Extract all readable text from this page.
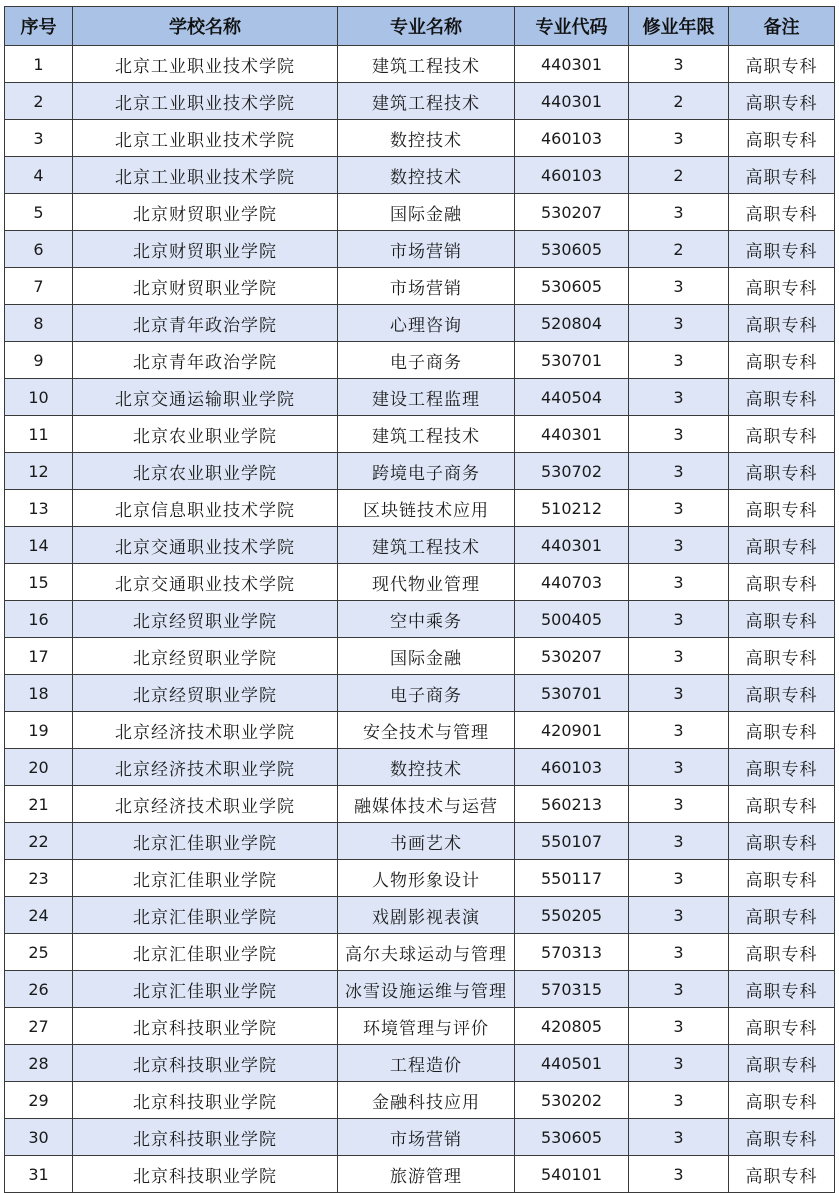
序号	学校名称	专业名称	专业代码	修业年限	备注
1	北京工业职业技术学院	建筑工程技术	440301	3	高职专科
2	北京工业职业技术学院	建筑工程技术	440301	2	高职专科
3	北京工业职业技术学院	数控技术	460103	3	高职专科
4	北京工业职业技术学院	数控技术	460103	2	高职专科
5	北京财贸职业学院	国际金融	530207	3	高职专科
6	北京财贸职业学院	市场营销	530605	2	高职专科
7	北京财贸职业学院	市场营销	530605	3	高职专科
8	北京青年政治学院	心理咨询	520804	3	高职专科
9	北京青年政治学院	电子商务	530701	3	高职专科
10	北京交通运输职业学院	建设工程监理	440504	3	高职专科
11	北京农业职业学院	建筑工程技术	440301	3	高职专科
12	北京农业职业学院	跨境电子商务	530702	3	高职专科
13	北京信息职业技术学院	区块链技术应用	510212	3	高职专科
14	北京交通职业技术学院	建筑工程技术	440301	3	高职专科
15	北京交通职业技术学院	现代物业管理	440703	3	高职专科
16	北京经贸职业学院	空中乘务	500405	3	高职专科
17	北京经贸职业学院	国际金融	530207	3	高职专科
18	北京经贸职业学院	电子商务	530701	3	高职专科
19	北京经济技术职业学院	安全技术与管理	420901	3	高职专科
20	北京经济技术职业学院	数控技术	460103	3	高职专科
21	北京经济技术职业学院	融媒体技术与运营	560213	3	高职专科
22	北京汇佳职业学院	书画艺术	550107	3	高职专科
23	北京汇佳职业学院	人物形象设计	550117	3	高职专科
24	北京汇佳职业学院	戏剧影视表演	550205	3	高职专科
25	北京汇佳职业学院	高尔夫球运动与管理	570313	3	高职专科
26	北京汇佳职业学院	冰雪设施运维与管理	570315	3	高职专科
27	北京科技职业学院	环境管理与评价	420805	3	高职专科
28	北京科技职业学院	工程造价	440501	3	高职专科
29	北京科技职业学院	金融科技应用	530202	3	高职专科
30	北京科技职业学院	市场营销	530605	3	高职专科
31	北京科技职业学院	旅游管理	540101	3	高职专科
